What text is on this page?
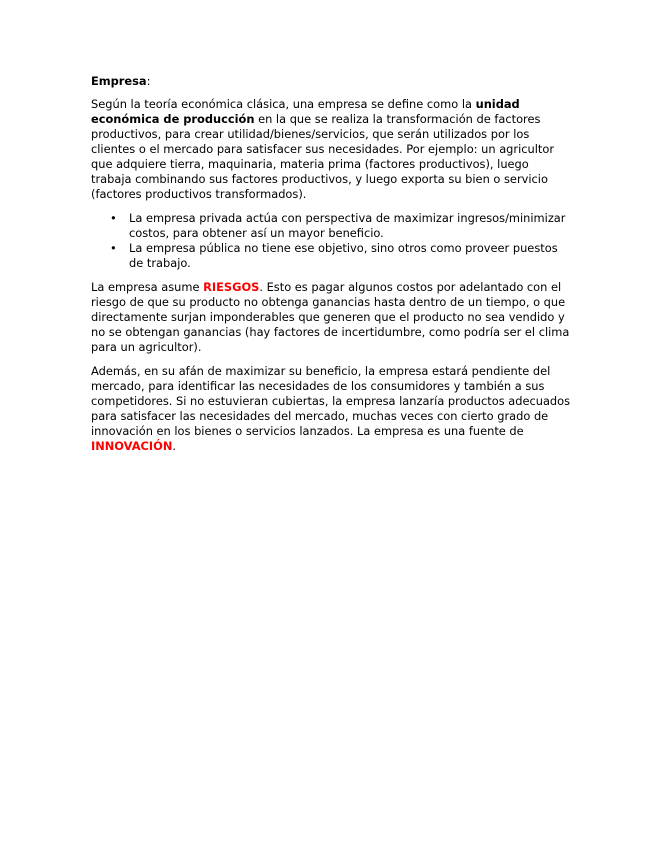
Empresa:

Según la teoría económica clásica, una empresa se define como la unidad económica de producción en la que se realiza la transformación de factores productivos, para crear utilidad/bienes/servicios, que serán utilizados por los clientes o el mercado para satisfacer sus necesidades. Por ejemplo: un agricultor que adquiere tierra, maquinaria, materia prima (factores productivos), luego trabaja combinando sus factores productivos, y luego exporta su bien o servicio (factores productivos transformados).

• La empresa privada actúa con perspectiva de maximizar ingresos/minimizar costos, para obtener así un mayor beneficio.
• La empresa pública no tiene ese objetivo, sino otros como proveer puestos de trabajo.

La empresa asume RIESGOS. Esto es pagar algunos costos por adelantado con el riesgo de que su producto no obtenga ganancias hasta dentro de un tiempo, o que directamente surjan imponderables que generen que el producto no sea vendido y no se obtengan ganancias (hay factores de incertidumbre, como podría ser el clima para un agricultor).

Además, en su afán de maximizar su beneficio, la empresa estará pendiente del mercado, para identificar las necesidades de los consumidores y también a sus competidores. Si no estuvieran cubiertas, la empresa lanzaría productos adecuados para satisfacer las necesidades del mercado, muchas veces con cierto grado de innovación en los bienes o servicios lanzados. La empresa es una fuente de INNOVACIÓN.
